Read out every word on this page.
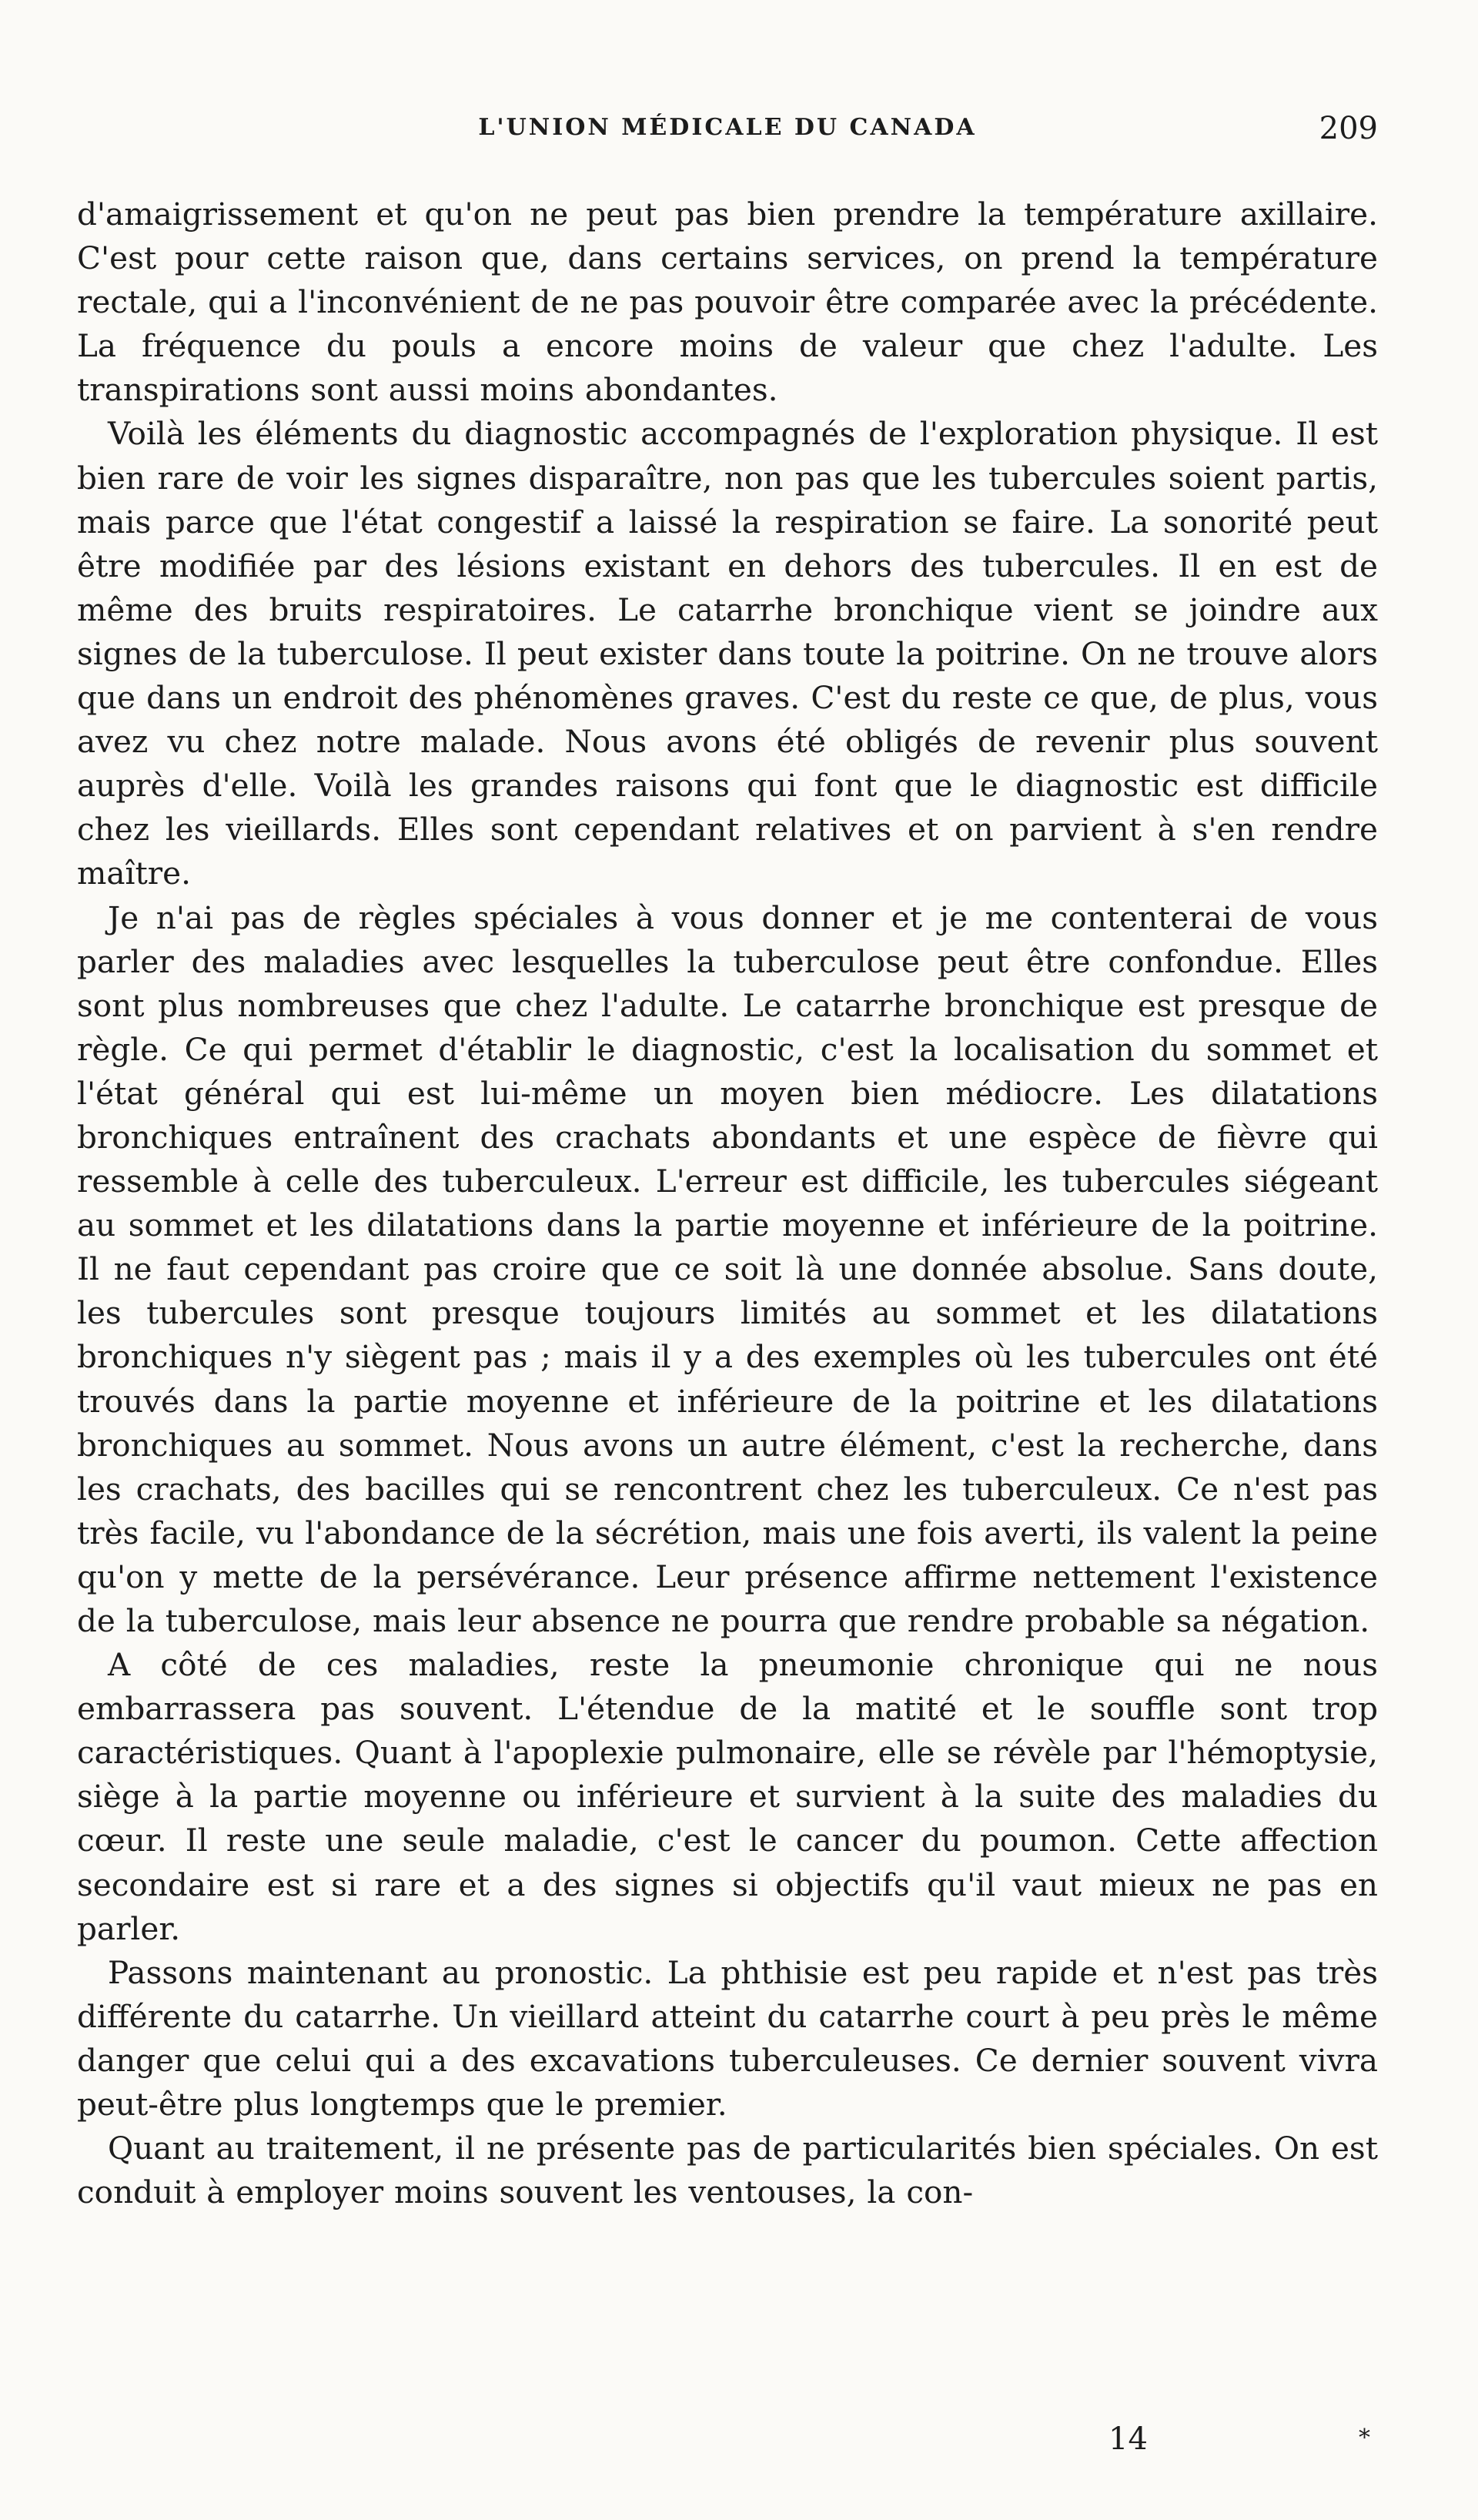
L'UNION MÉDICALE DU CANADA	209

d'amaigrissement et qu'on ne peut pas bien prendre la température axillaire. C'est pour cette raison que, dans certains services, on prend la température rectale, qui a l'inconvénient de ne pas pouvoir être comparée avec la précédente. La fréquence du pouls a encore moins de valeur que chez l'adulte. Les transpirations sont aussi moins abondantes.

Voilà les éléments du diagnostic accompagnés de l'exploration physique. Il est bien rare de voir les signes disparaître, non pas que les tubercules soient partis, mais parce que l'état congestif a laissé la respiration se faire. La sonorité peut être modifiée par des lésions existant en dehors des tubercules. Il en est de même des bruits respiratoires. Le catarrhe bronchique vient se joindre aux signes de la tuberculose. Il peut exister dans toute la poitrine. On ne trouve alors que dans un endroit des phénomènes graves. C'est du reste ce que, de plus, vous avez vu chez notre malade. Nous avons été obligés de revenir plus souvent auprès d'elle. Voilà les grandes raisons qui font que le diagnostic est difficile chez les vieillards. Elles sont cependant relatives et on parvient à s'en rendre maître.

Je n'ai pas de règles spéciales à vous donner et je me contenterai de vous parler des maladies avec lesquelles la tuberculose peut être confondue. Elles sont plus nombreuses que chez l'adulte. Le catarrhe bronchique est presque de règle. Ce qui permet d'établir le diagnostic, c'est la localisation du sommet et l'état général qui est lui-même un moyen bien médiocre. Les dilatations bronchiques entraînent des crachats abondants et une espèce de fièvre qui ressemble à celle des tuberculeux. L'erreur est difficile, les tubercules siégeant au sommet et les dilatations dans la partie moyenne et inférieure de la poitrine. Il ne faut cependant pas croire que ce soit là une donnée absolue. Sans doute, les tubercules sont presque toujours limités au sommet et les dilatations bronchiques n'y siègent pas ; mais il y a des exemples où les tubercules ont été trouvés dans la partie moyenne et inférieure de la poitrine et les dilatations bronchiques au sommet. Nous avons un autre élément, c'est la recherche, dans les crachats, des bacilles qui se rencontrent chez les tuberculeux. Ce n'est pas très facile, vu l'abondance de la sécrétion, mais une fois averti, ils valent la peine qu'on y mette de la persévérance. Leur présence affirme nettement l'existence de la tuberculose, mais leur absence ne pourra que rendre probable sa négation.

A côté de ces maladies, reste la pneumonie chronique qui ne nous embarrassera pas souvent. L'étendue de la matité et le souffle sont trop caractéristiques. Quant à l'apoplexie pulmonaire, elle se révèle par l'hémoptysie, siège à la partie moyenne ou inférieure et survient à la suite des maladies du cœur. Il reste une seule maladie, c'est le cancer du poumon. Cette affection secondaire est si rare et a des signes si objectifs qu'il vaut mieux ne pas en parler.

Passons maintenant au pronostic. La phthisie est peu rapide et n'est pas très différente du catarrhe. Un vieillard atteint du catarrhe court à peu près le même danger que celui qui a des excavations tuberculeuses. Ce dernier souvent vivra peut-être plus longtemps que le premier.

Quant au traitement, il ne présente pas de particularités bien spéciales. On est conduit à employer moins souvent les ventouses, la con-

14	*
